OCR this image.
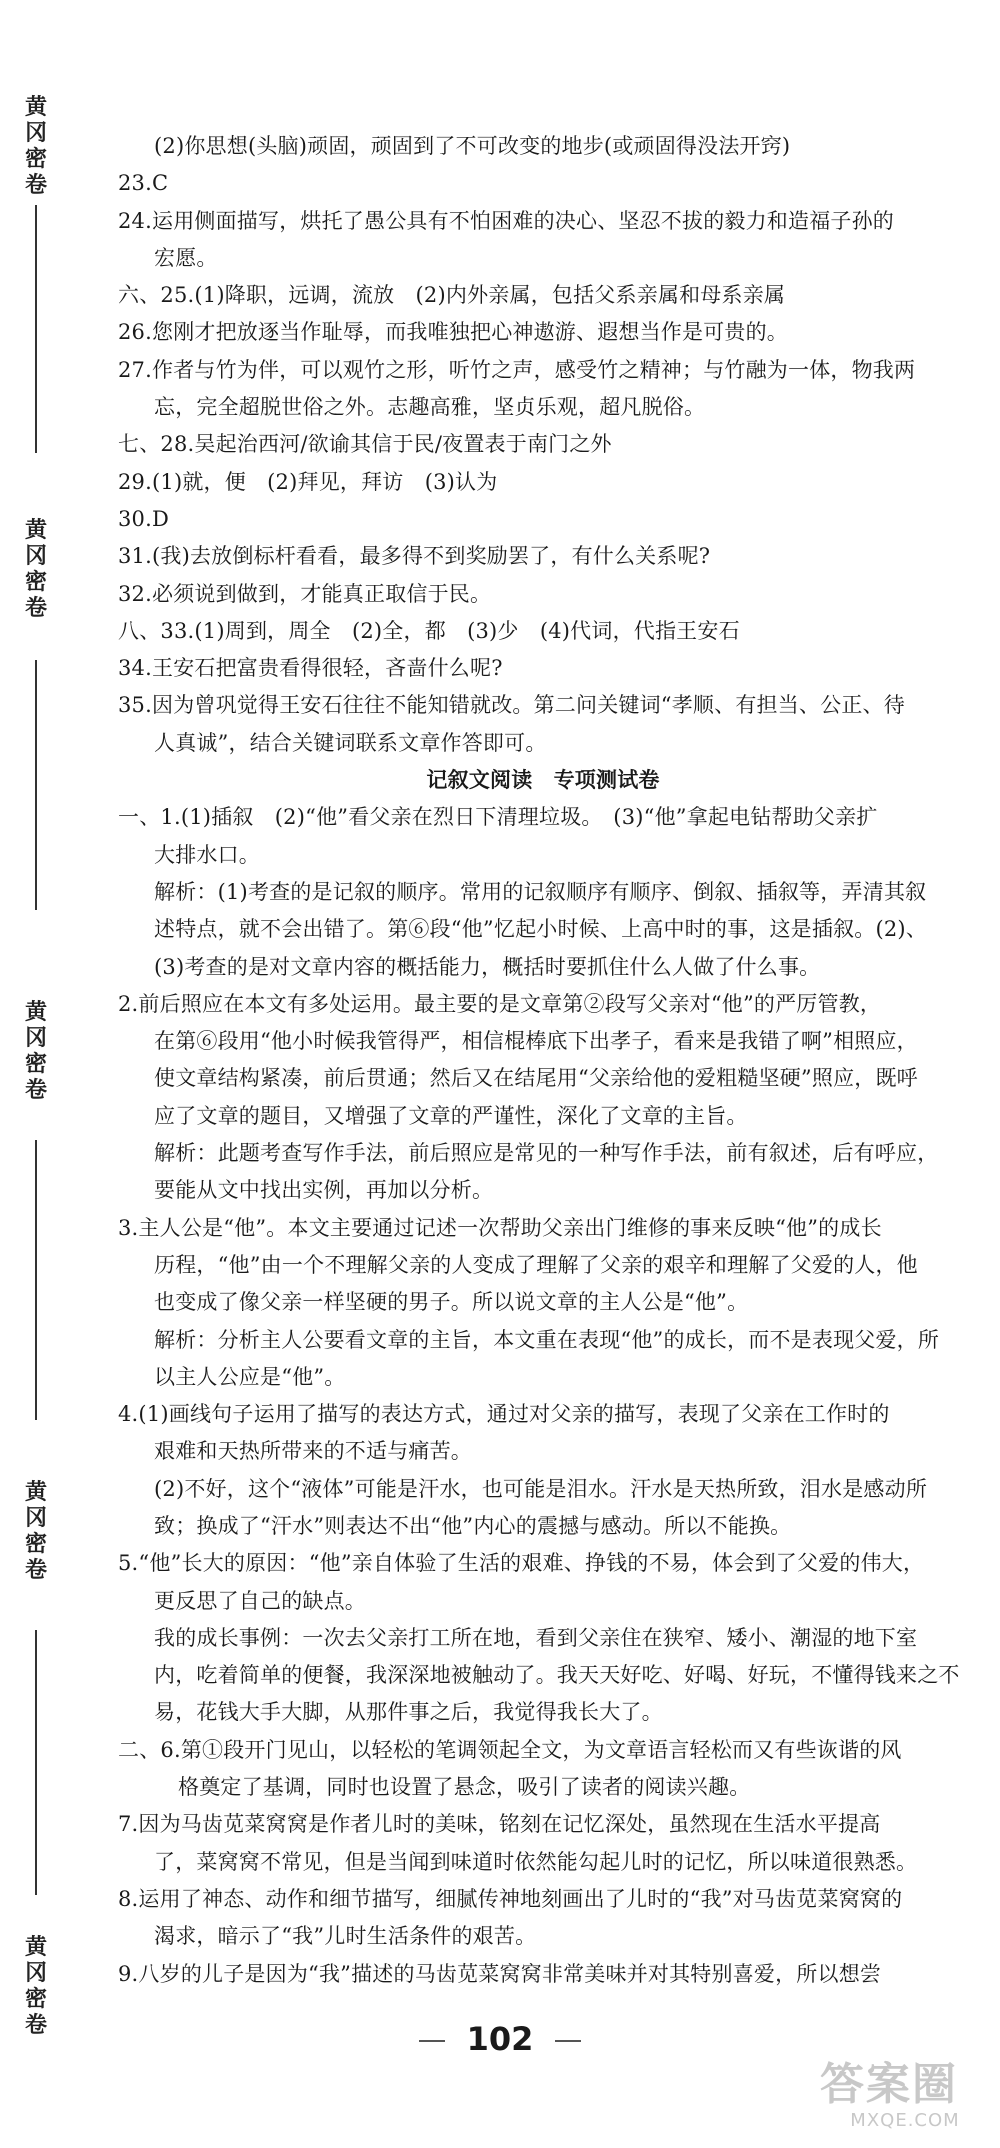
黄
冈
密
卷
黄
冈
密
卷
黄
冈
密
卷
黄
冈
密
卷
黄
冈
密
卷
(2)你思想(头脑)顽固，顽固到了不可改变的地步(或顽固得没法开窍)
23.C
24.运用侧面描写，烘托了愚公具有不怕困难的决心、坚忍不拔的毅力和造福子孙的
宏愿。
六、25.(1)降职，远调，流放　(2)内外亲属，包括父系亲属和母系亲属
26.您刚才把放逐当作耻辱，而我唯独把心神遨游、遐想当作是可贵的。
27.作者与竹为伴，可以观竹之形，听竹之声，感受竹之精神；与竹融为一体，物我两
忘，完全超脱世俗之外。志趣高雅，坚贞乐观，超凡脱俗。
七、28.吴起治西河/欲谕其信于民/夜置表于南门之外
29.(1)就，便　(2)拜见，拜访　(3)认为
30.D
31.(我)去放倒标杆看看，最多得不到奖励罢了，有什么关系呢?
32.必须说到做到，才能真正取信于民。
八、33.(1)周到，周全　(2)全，都　(3)少　(4)代词，代指王安石
34.王安石把富贵看得很轻，吝啬什么呢?
35.因为曾巩觉得王安石往往不能知错就改。第二问关键词“孝顺、有担当、公正、待
人真诚”，结合关键词联系文章作答即可。
记叙文阅读　专项测试卷
一、1.(1)插叙　(2)“他”看父亲在烈日下清理垃圾。　(3)“他”拿起电钻帮助父亲扩
大排水口。
解析：(1)考查的是记叙的顺序。常用的记叙顺序有顺序、倒叙、插叙等，弄清其叙
述特点，就不会出错了。第⑥段“他”忆起小时候、上高中时的事，这是插叙。(2)、
(3)考查的是对文章内容的概括能力，概括时要抓住什么人做了什么事。
2.前后照应在本文有多处运用。最主要的是文章第②段写父亲对“他”的严厉管教，
在第⑥段用“他小时候我管得严，相信棍棒底下出孝子，看来是我错了啊”相照应，
使文章结构紧凑，前后贯通；然后又在结尾用“父亲给他的爱粗糙坚硬”照应，既呼
应了文章的题目，又增强了文章的严谨性，深化了文章的主旨。
解析：此题考查写作手法，前后照应是常见的一种写作手法，前有叙述，后有呼应，
要能从文中找出实例，再加以分析。
3.主人公是“他”。本文主要通过记述一次帮助父亲出门维修的事来反映“他”的成长
历程，“他”由一个不理解父亲的人变成了理解了父亲的艰辛和理解了父爱的人，他
也变成了像父亲一样坚硬的男子。所以说文章的主人公是“他”。
解析：分析主人公要看文章的主旨，本文重在表现“他”的成长，而不是表现父爱，所
以主人公应是“他”。
4.(1)画线句子运用了描写的表达方式，通过对父亲的描写，表现了父亲在工作时的
艰难和天热所带来的不适与痛苦。
(2)不好，这个“液体”可能是汗水，也可能是泪水。汗水是天热所致，泪水是感动所
致；换成了“汗水”则表达不出“他”内心的震撼与感动。所以不能换。
5.“他”长大的原因：“他”亲自体验了生活的艰难、挣钱的不易，体会到了父爱的伟大，
更反思了自己的缺点。
我的成长事例：一次去父亲打工所在地，看到父亲住在狭窄、矮小、潮湿的地下室
内，吃着简单的便餐，我深深地被触动了。我天天好吃、好喝、好玩，不懂得钱来之不
易，花钱大手大脚，从那件事之后，我觉得我长大了。
二、6.第①段开门见山，以轻松的笔调领起全文，为文章语言轻松而又有些诙谐的风
格奠定了基调，同时也设置了悬念，吸引了读者的阅读兴趣。
7.因为马齿苋菜窝窝是作者儿时的美味，铭刻在记忆深处，虽然现在生活水平提高
了，菜窝窝不常见，但是当闻到味道时依然能勾起儿时的记忆，所以味道很熟悉。
8.运用了神态、动作和细节描写，细腻传神地刻画出了儿时的“我”对马齿苋菜窝窝的
渴求，暗示了“我”儿时生活条件的艰苦。
9.八岁的儿子是因为“我”描述的马齿苋菜窝窝非常美味并对其特别喜爱，所以想尝
102
答案圈
MXQE.COM
